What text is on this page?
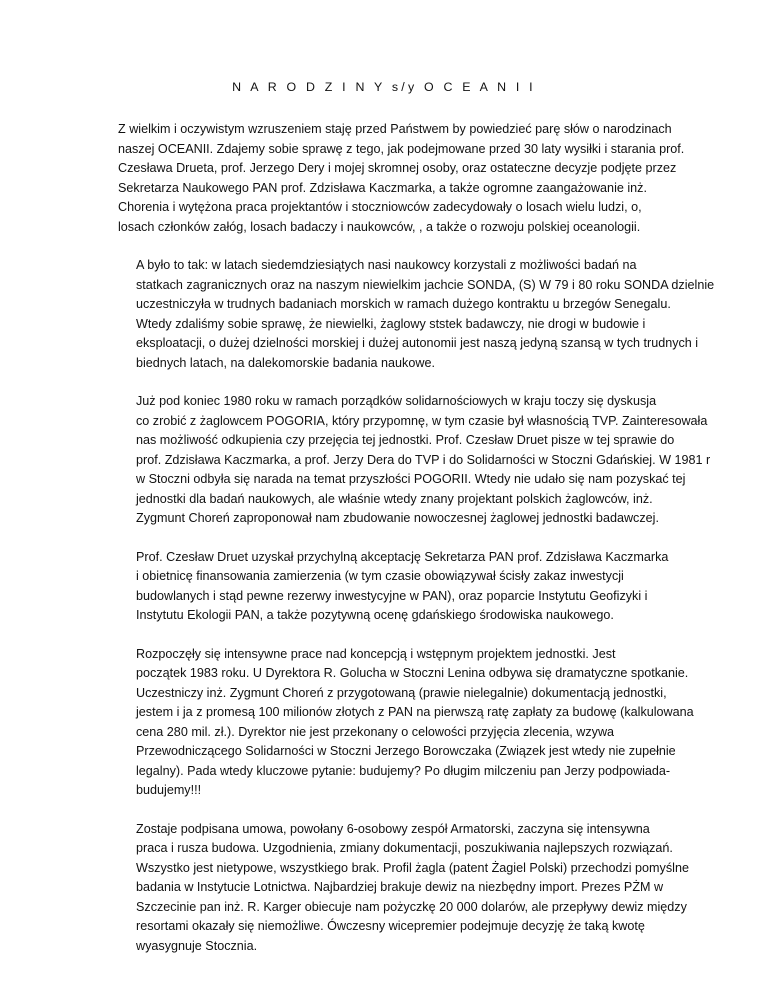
N A R O D Z I N Y s/y O C E A N I I
Z wielkim i oczywistym wzruszeniem staję przed Państwem by powiedzieć parę słów o narodzinach
naszej OCEANII. Zdajemy sobie sprawę z tego, jak podejmowane przed 30 laty wysiłki i starania prof.
Czesława Drueta, prof. Jerzego Dery i mojej skromnej osoby, oraz ostateczne decyzje podjęte przez
Sekretarza Naukowego PAN prof. Zdzisława Kaczmarka, a także ogromne zaangażowanie inż.
Chorenia i wytężona praca projektantów i stoczniowców zadecydowały o losach wielu ludzi, o,
losach członków załóg, losach badaczy i naukowców, , a także o rozwoju polskiej oceanologii.
A było to tak: w latach siedemdziesiątych nasi naukowcy korzystali z możliwości badań na
statkach zagranicznych oraz na naszym niewielkim jachcie SONDA, (S) W 79 i 80 roku SONDA dzielnie
uczestniczyła w trudnych badaniach morskich w ramach dużego kontraktu u brzegów Senegalu.
Wtedy zdaliśmy sobie sprawę, że niewielki, żaglowy ststek badawczy, nie drogi w budowie i
eksploatacji, o dużej dzielności morskiej i dużej autonomii jest naszą jedyną szansą w tych trudnych i
biednych latach, na dalekomorskie badania naukowe.
Już pod koniec 1980 roku w ramach porządków solidarnościowych w kraju toczy się dyskusja
co zrobić z żaglowcem POGORIA, który przypomnę, w tym czasie był własnością TVP. Zainteresowała
nas możliwość odkupienia czy przejęcia tej jednostki. Prof. Czesław Druet pisze w tej sprawie do
prof. Zdzisława Kaczmarka, a prof. Jerzy Dera do TVP i do Solidarności w Stoczni Gdańskiej. W 1981 r
w Stoczni odbyła się narada na temat przyszłości POGORII. Wtedy nie udało się nam pozyskać tej
jednostki dla badań naukowych, ale właśnie wtedy znany projektant polskich żaglowców, inż.
Zygmunt Choreń zaproponował nam zbudowanie nowoczesnej żaglowej jednostki badawczej.
Prof. Czesław Druet uzyskał przychylną akceptację Sekretarza PAN prof. Zdzisława Kaczmarka
i obietnicę finansowania zamierzenia (w tym czasie obowiązywał ścisły zakaz inwestycji
budowlanych i stąd pewne rezerwy inwestycyjne w PAN), oraz poparcie Instytutu Geofizyki i
Instytutu Ekologii PAN, a także pozytywną ocenę gdańskiego środowiska naukowego.
Rozpoczęły się intensywne prace nad koncepcją i wstępnym projektem jednostki. Jest
początek 1983 roku. U Dyrektora R. Golucha w Stoczni Lenina odbywa się dramatyczne spotkanie.
Uczestniczy inż. Zygmunt Choreń z przygotowaną (prawie nielegalnie) dokumentacją jednostki,
jestem i ja z promesą 100 milionów złotych z PAN na pierwszą ratę zapłaty za budowę (kalkulowana
cena 280 mil. zł.). Dyrektor nie jest przekonany o celowości przyjęcia zlecenia, wzywa
Przewodniczącego Solidarności w Stoczni Jerzego Borowczaka (Związek jest wtedy nie zupełnie
legalny). Pada wtedy kluczowe pytanie: budujemy? Po długim milczeniu pan Jerzy podpowiada-
budujemy!!!
Zostaje podpisana umowa, powołany 6-osobowy zespół Armatorski, zaczyna się intensywna
praca i rusza budowa. Uzgodnienia, zmiany dokumentacji, poszukiwania najlepszych rozwiązań.
Wszystko jest nietypowe, wszystkiego brak. Profil żagla (patent Żagiel Polski) przechodzi pomyślne
badania w Instytucie Lotnictwa. Najbardziej brakuje dewiz na niezbędny import. Prezes PŻM w
Szczecinie pan inż. R. Karger obiecuje nam pożyczkę 20 000 dolarów, ale przepływy dewiz między
resortami okazały się niemożliwe. Ówczesny wicepremier podejmuje decyzję że taką kwotę
wyasygnuje Stocznia.
